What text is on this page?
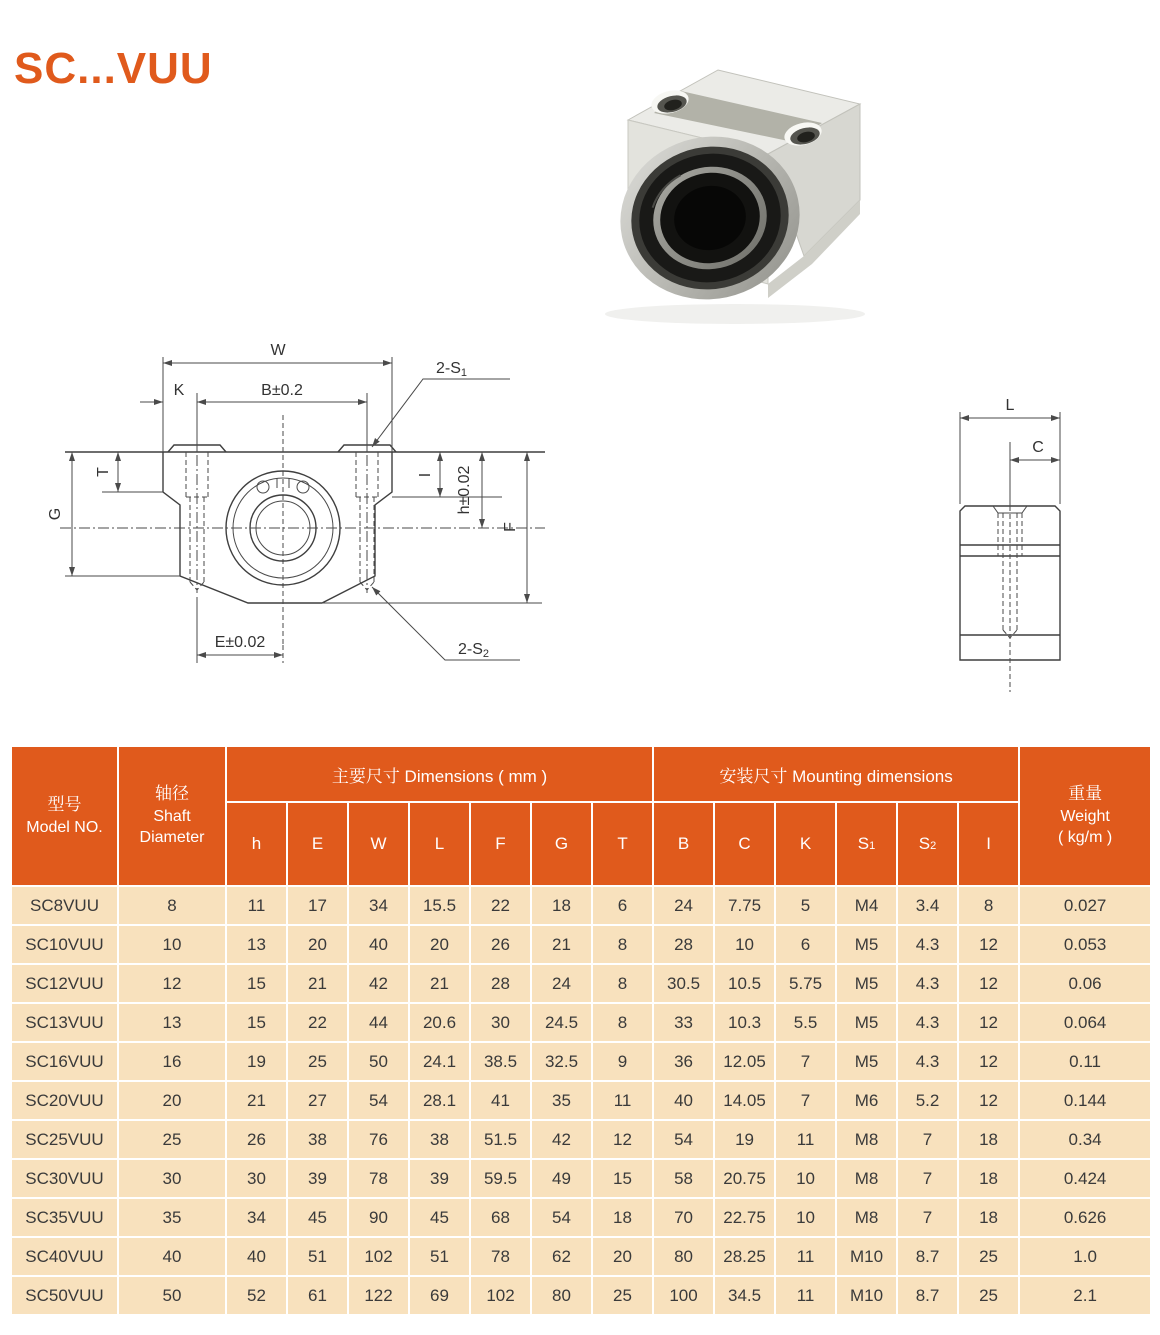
SC...VUU
W
K	B±0.2
2-S1
T
G
I h±0.02
F
E±0.02	2-S2
L
C
型号
Model NO.

轴径
Shaft
Diameter
	主要尺寸 Dimensions ( mm )	安装尺寸 Mounting dimensions	
重量
Weight
( kg/m )

		h	E	W	L	F	G	T	B	C	K	S1	S2	I	
SC8VUU	8	11	17	34	15.5	22	18	6	24	7.75	5	M4	3.4	8	0.027
SC10VUU	10	13	20	40	20	26	21	8	28	10	6	M5	4.3	12	0.053
SC12VUU	12	15	21	42	21	28	24	8	30.5	10.5	5.75	M5	4.3	12	0.06
SC13VUU	13	15	22	44	20.6	30	24.5	8	33	10.3	5.5	M5	4.3	12	0.064
SC16VUU	16	19	25	50	24.1	38.5	32.5	9	36	12.05	7	M5	4.3	12	0.11
SC20VUU	20	21	27	54	28.1	41	35	11	40	14.05	7	M6	5.2	12	0.144
SC25VUU	25	26	38	76	38	51.5	42	12	54	19	11	M8	7	18	0.34
SC30VUU	30	30	39	78	39	59.5	49	15	58	20.75	10	M8	7	18	0.424
SC35VUU	35	34	45	90	45	68	54	18	70	22.75	10	M8	7	18	0.626
SC40VUU	40	40	51	102	51	78	62	20	80	28.25	11	M10	8.7	25	1.0
SC50VUU	50	52	61	122	69	102	80	25	100	34.5	11	M10	8.7	25	2.1
